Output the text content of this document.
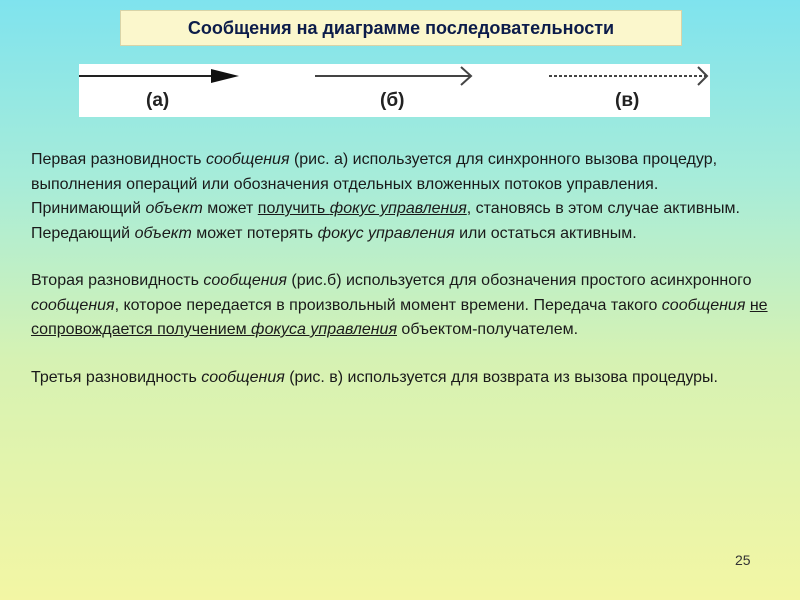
Сообщения на диаграмме последовательности
(а)	(б)	(в)

Первая разновидность сообщения (рис. а) используется для синхронного вызова процедур, выполнения операций или обозначения отдельных вложенных потоков управления. Принимающий объект может получить фокус управления, становясь в этом случае активным. Передающий объект может потерять фокус управления или остаться активным.

Вторая разновидность сообщения (рис.б) используется для обозначения простого асинхронного сообщения, которое передается в произвольный момент времени. Передача такого сообщения не сопровождается получением фокуса управления объектом-получателем.

Третья разновидность сообщения (рис. в) используется для возврата из вызова процедуры.

25
